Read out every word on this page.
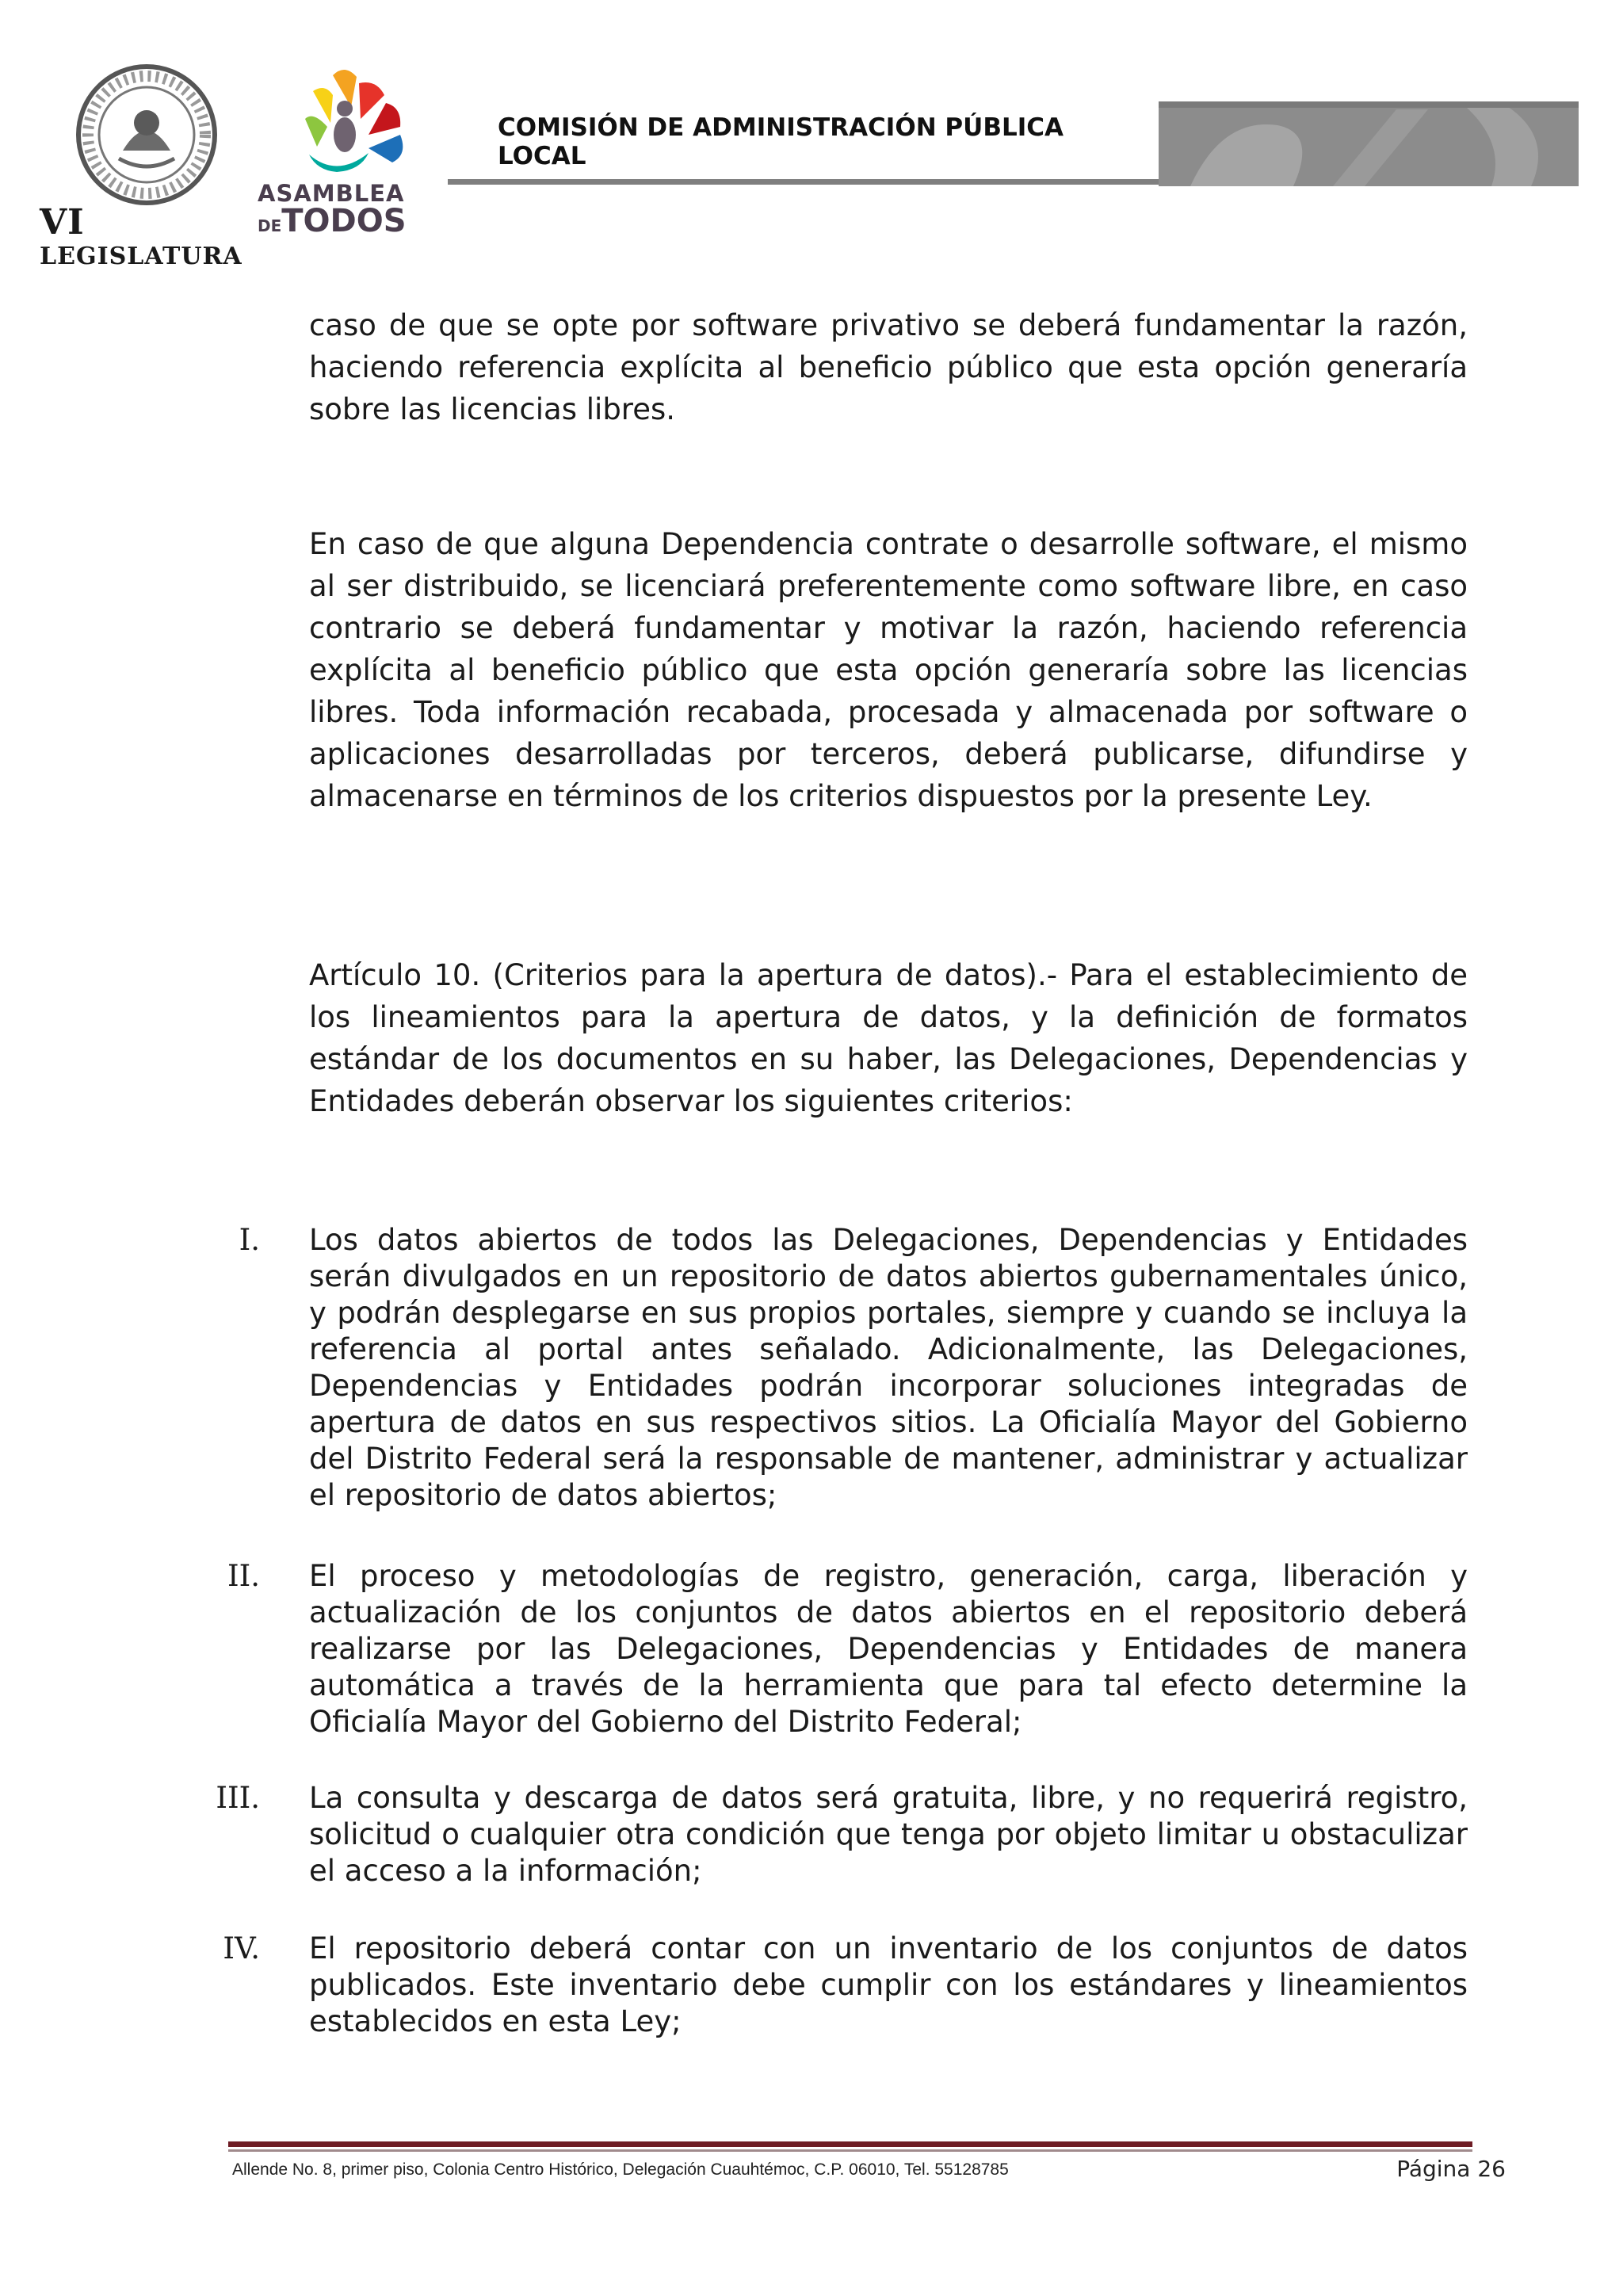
VI LEGISLATURA
ASAMBLEA
DETODOS
COMISIÓN DE ADMINISTRACIÓN PÚBLICA LOCAL
caso de que se opte por software privativo se deberá fundamentar la razón, haciendo referencia explícita al beneficio público que esta opción generaría sobre las licencias libres.
En caso de que alguna Dependencia contrate o desarrolle software, el mismo al ser distribuido, se licenciará preferentemente como software libre, en caso contrario se deberá fundamentar y motivar la razón, haciendo referencia explícita al beneficio público que esta opción generaría sobre las licencias libres. Toda información recabada, procesada y almacenada por software o aplicaciones desarrolladas por terceros, deberá publicarse, difundirse y almacenarse en términos de los criterios dispuestos por la presente Ley.
Artículo 10. (Criterios para la apertura de datos).- Para el establecimiento de los lineamientos para la apertura de datos, y la definición de formatos estándar de los documentos en su haber, las Delegaciones, Dependencias y Entidades deberán observar los siguientes criterios:
I. Los datos abiertos de todos las Delegaciones, Dependencias y Entidades serán divulgados en un repositorio de datos abiertos gubernamentales único, y podrán desplegarse en sus propios portales, siempre y cuando se incluya la referencia al portal antes señalado. Adicionalmente, las Delegaciones, Dependencias y Entidades podrán incorporar soluciones integradas de apertura de datos en sus respectivos sitios. La Oficialía Mayor del Gobierno del Distrito Federal será la responsable de mantener, administrar y actualizar el repositorio de datos abiertos;
II. El proceso y metodologías de registro, generación, carga, liberación y actualización de los conjuntos de datos abiertos en el repositorio deberá realizarse por las Delegaciones, Dependencias y Entidades de manera automática a través de la herramienta que para tal efecto determine la Oficialía Mayor del Gobierno del Distrito Federal;
III. La consulta y descarga de datos será gratuita, libre, y no requerirá registro, solicitud o cualquier otra condición que tenga por objeto limitar u obstaculizar el acceso a la información;
IV. El repositorio deberá contar con un inventario de los conjuntos de datos publicados. Este inventario debe cumplir con los estándares y lineamientos establecidos en esta Ley;
Allende No. 8, primer piso, Colonia Centro Histórico, Delegación Cuauhtémoc, C.P. 06010, Tel. 55128785	Página 26
